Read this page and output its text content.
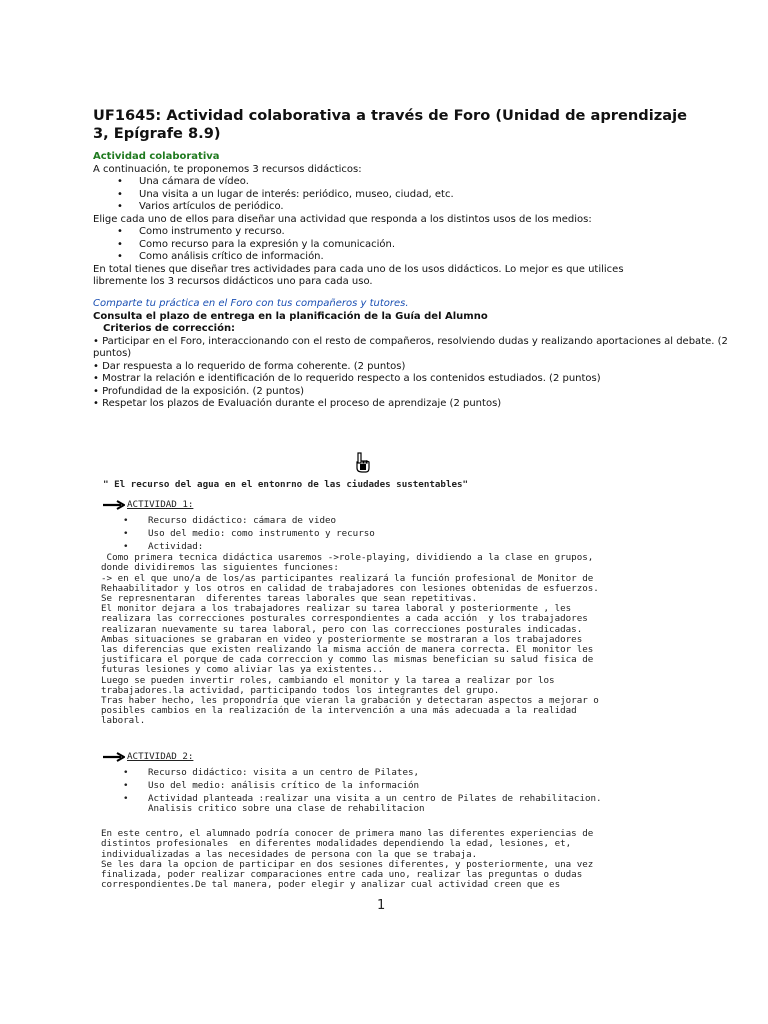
UF1645: Actividad colaborativa a través de Foro (Unidad de aprendizaje 3, Epígrafe 8.9)
Actividad colaborativa
A continuación, te proponemos 3 recursos didácticos:
• Una cámara de vídeo.
• Una visita a un lugar de interés: periódico, museo, ciudad, etc.
• Varios artículos de periódico.
Elige cada uno de ellos para diseñar una actividad que responda a los distintos usos de los medios:
• Como instrumento y recurso.
• Como recurso para la expresión y la comunicación.
• Como análisis crítico de información.
En total tienes que diseñar tres actividades para cada uno de los usos didácticos. Lo mejor es que utilices
libremente los 3 recursos didácticos uno para cada uso.
Comparte tu práctica en el Foro con tus compañeros y tutores.
Consulta el plazo de entrega en la planificación de la Guía del Alumno
Criterios de corrección:
• Participar en el Foro, interaccionando con el resto de compañeros, resolviendo dudas y realizando aportaciones al debate. (2 puntos)
• Dar respuesta a lo requerido de forma coherente. (2 puntos)
• Mostrar la relación e identificación de lo requerido respecto a los contenidos estudiados. (2 puntos)
• Profundidad de la exposición. (2 puntos)
• Respetar los plazos de Evaluación durante el proceso de aprendizaje (2 puntos)
" El recurso del agua en el entonrno de las ciudades sustentables"
ACTIVIDAD 1:
• Recurso didáctico: cámara de video
• Uso del medio: como instrumento y recurso
• Actividad:
Como primera tecnica didáctica usaremos ->role-playing, dividiendo a la clase en grupos,
donde dividiremos las siguientes funciones:
-> en el que uno/a de los/as participantes realizará la función profesional de Monitor de
Rehaabilitador y los otros en calidad de trabajadores con lesiones obtenidas de esfuerzos.
Se represnentaran  diferentes tareas laborales que sean repetitivas.
El monitor dejara a los trabajadores realizar su tarea laboral y posteriormente , les
realizara las correcciones posturales correspondientes a cada acción  y los trabajadores
realizaran nuevamente su tarea laboral, pero con las correcciones posturales indicadas.
Ambas situaciones se grabaran en video y posteriormente se mostraran a los trabajadores
las diferencias que existen realizando la misma acción de manera correcta. El monitor les
justificara el porque de cada correccion y commo las mismas benefician su salud fisica de
futuras lesiones y como aliviar las ya existentes..
Luego se pueden invertir roles, cambiando el monitor y la tarea a realizar por los
trabajadores.la actividad, participando todos los integrantes del grupo.
Tras haber hecho, les propondría que vieran la grabación y detectaran aspectos a mejorar o
posibles cambios en la realización de la intervención a una más adecuada a la realidad
laboral.
ACTIVIDAD 2:
• Recurso didáctico: visita a un centro de Pilates,
• Uso del medio: análisis crítico de la información
• Actividad planteada :realizar una visita a un centro de Pilates de rehabilitacion.
Analisis critico sobre una clase de rehabilitacion
En este centro, el alumnado podría conocer de primera mano las diferentes experiencias de
distintos profesionales  en diferentes modalidades dependiendo la edad, lesiones, et,
individualizadas a las necesidades de persona con la que se trabaja.
Se les dara la opcion de participar en dos sesiones diferentes, y posteriormente, una vez
finalizada, poder realizar comparaciones entre cada uno, realizar las preguntas o dudas
correspondientes.De tal manera, poder elegir y analizar cual actividad creen que es
1
